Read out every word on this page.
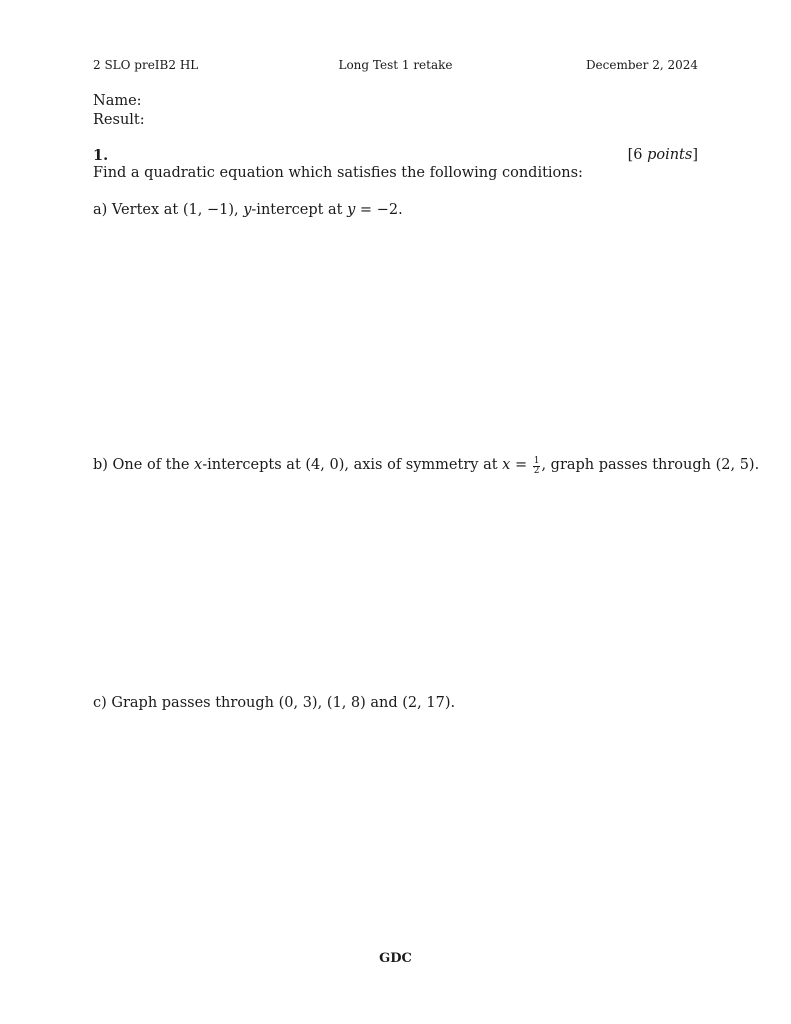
2 SLO preIB2 HL	Long Test 1 retake	December 2, 2024
Name:
Result:
1.	[6 points]
Find a quadratic equation which satisfies the following conditions:
a) Vertex at (1, −1), y-intercept at y = −2.
b) One of the x-intercepts at (4, 0), axis of symmetry at $x = \frac{1}{2}$ , graph passes through (2, 5).
c) Graph passes through (0, 3), (1, 8) and (2, 17).
GDC
